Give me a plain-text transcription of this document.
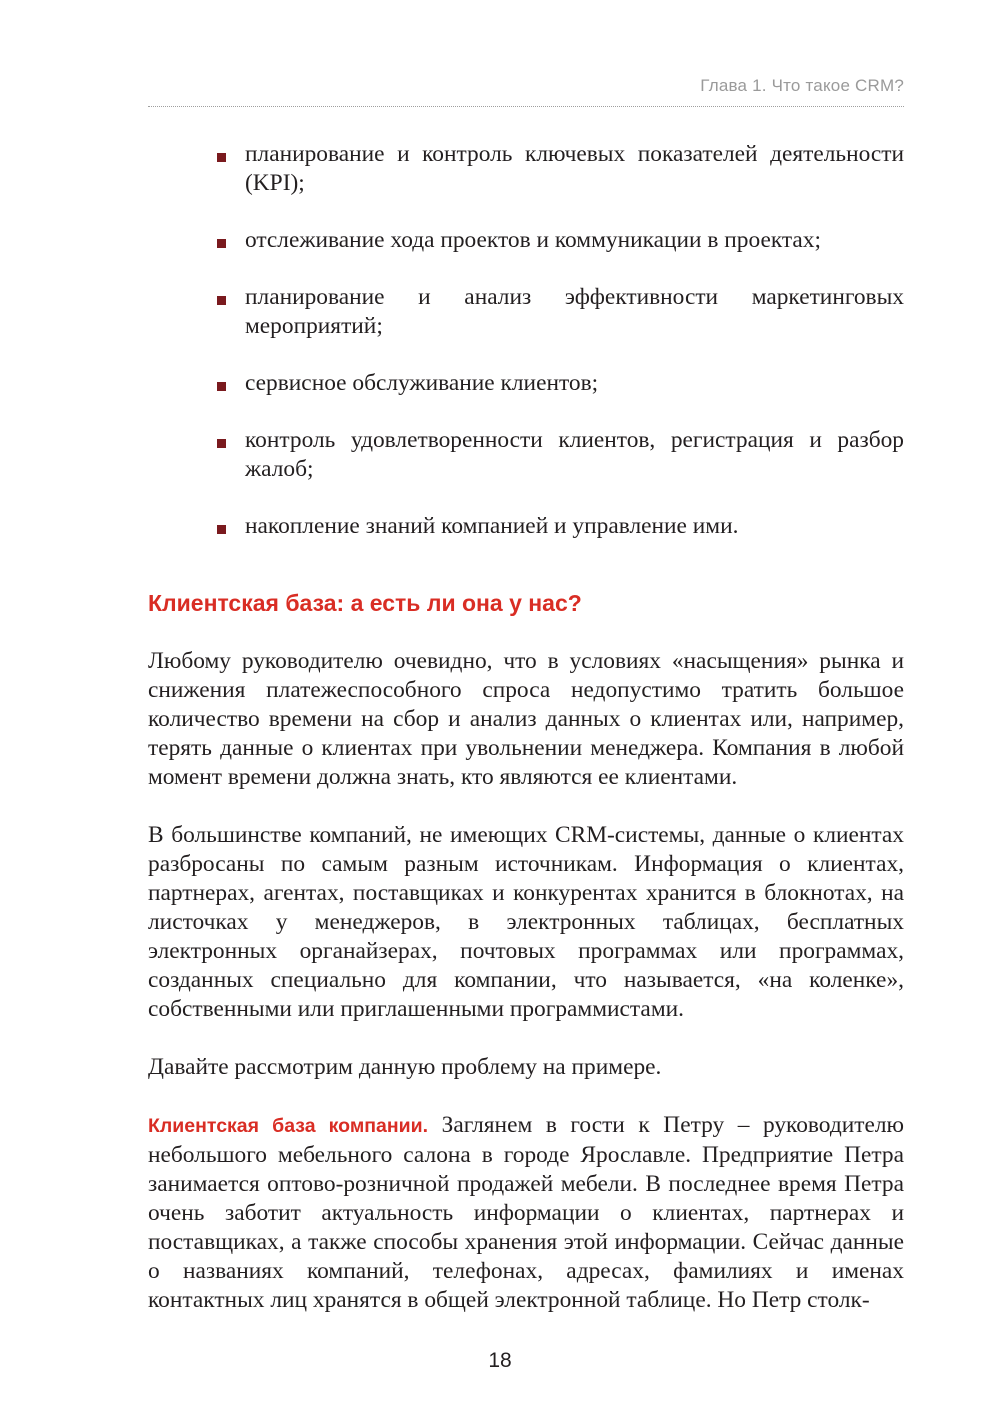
Глава 1. Что такое CRM?
планирование и контроль ключевых показателей деятельности (KPI);
отслеживание хода проектов и коммуникации в проектах;
планирование и анализ эффективности маркетинговых мероприятий;
сервисное обслуживание клиентов;
контроль удовлетворенности клиентов, регистрация и разбор жалоб;
накопление знаний компанией и управление ими.
Клиентская база: а есть ли она у нас?

Любому руководителю очевидно, что в условиях «насыщения» рынка и снижения платежеспособного спроса недопустимо тратить большое количество времени на сбор и анализ данных о клиентах или, например, терять данные о клиентах при увольнении менеджера. Компания в любой момент времени должна знать, кто являются ее клиентами.

В большинстве компаний, не имеющих CRM-системы, данные о клиентах разбросаны по самым разным источникам. Информация о клиентах, партнерах, агентах, поставщиках и конкурентах хранится в блокнотах, на листочках у менеджеров, в электронных таблицах, бесплатных электронных органайзерах, почтовых программах или программах, созданных специально для компании, что называется, «на коленке», собственными или приглашенными программистами.

Давайте рассмотрим данную проблему на примере.

Клиентская база компании. Заглянем в гости к Петру – руководителю небольшого мебельного салона в городе Ярославле. Предприятие Петра занимается оптово-розничной продажей мебели. В последнее время Петра очень заботит актуальность информации о клиентах, партнерах и поставщиках, а также способы хранения этой информации. Сейчас данные о названиях компаний, телефонах, адресах, фамилиях и именах контактных лиц хранятся в общей электронной таблице. Но Петр столк-

18
